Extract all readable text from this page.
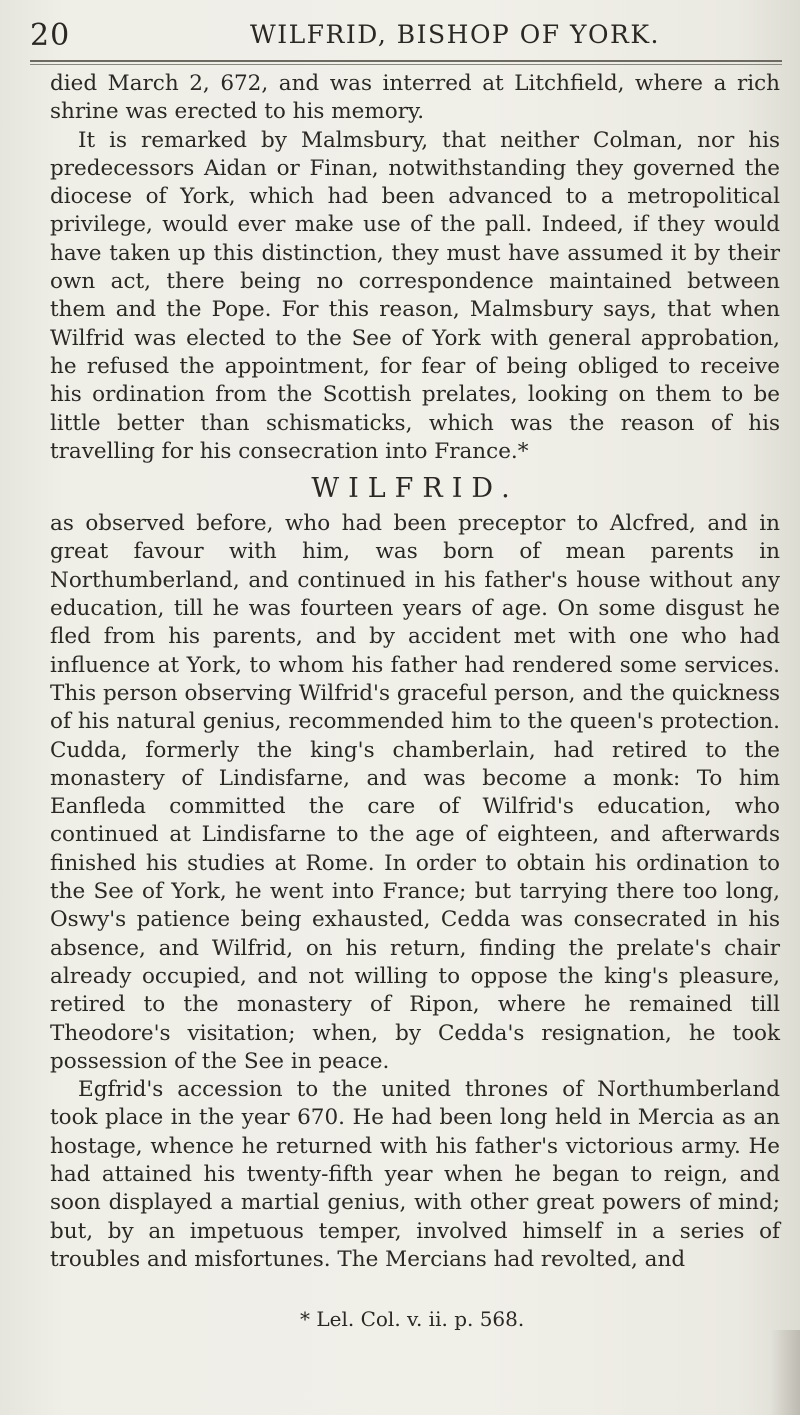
20	WILFRID, BISHOP OF YORK.

died March 2, 672, and was interred at Litchfield, where a rich shrine was erected to his memory.

It is remarked by Malmsbury, that neither Colman, nor his predecessors Aidan or Finan, notwithstanding they governed the diocese of York, which had been advanced to a metropolitical privilege, would ever make use of the pall. Indeed, if they would have taken up this distinction, they must have assumed it by their own act, there being no correspondence maintained between them and the Pope. For this reason, Malmsbury says, that when Wilfrid was elected to the See of York with general approbation, he refused the appointment, for fear of being obliged to receive his ordination from the Scottish prelates, looking on them to be little better than schismaticks, which was the reason of his travelling for his consecration into France.*

WILFRID.

as observed before, who had been preceptor to Alcfred, and in great favour with him, was born of mean parents in Northumberland, and continued in his father's house without any education, till he was fourteen years of age. On some disgust he fled from his parents, and by accident met with one who had influence at York, to whom his father had rendered some services. This person observing Wilfrid's graceful person, and the quickness of his natural genius, recommended him to the queen's protection. Cudda, formerly the king's chamberlain, had retired to the monastery of Lindisfarne, and was become a monk: To him Eanfleda committed the care of Wilfrid's education, who continued at Lindisfarne to the age of eighteen, and afterwards finished his studies at Rome. In order to obtain his ordination to the See of York, he went into France; but tarrying there too long, Oswy's patience being exhausted, Cedda was consecrated in his absence, and Wilfrid, on his return, finding the prelate's chair already occupied, and not willing to oppose the king's pleasure, retired to the monastery of Ripon, where he remained till Theodore's visitation; when, by Cedda's resignation, he took possession of the See in peace.

Egfrid's accession to the united thrones of Northumberland took place in the year 670. He had been long held in Mercia as an hostage, whence he returned with his father's victorious army. He had attained his twenty-fifth year when he began to reign, and soon displayed a martial genius, with other great powers of mind; but, by an impetuous temper, involved himself in a series of troubles and misfortunes. The Mercians had revolted, and

* Lel. Col. v. ii. p. 568.
